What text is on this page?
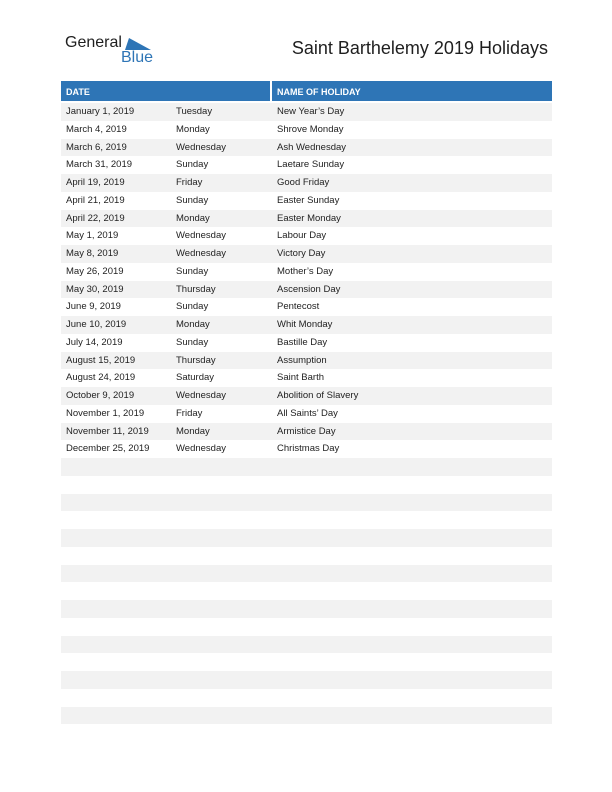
General
Blue	Saint Barthelemy 2019 Holidays
DATE	NAME OF HOLIDAY
January 1, 2019	Tuesday	New Year’s Day
March 4, 2019	Monday	Shrove Monday
March 6, 2019	Wednesday	Ash Wednesday
March 31, 2019	Sunday	Laetare Sunday
April 19, 2019	Friday	Good Friday
April 21, 2019	Sunday	Easter Sunday
April 22, 2019	Monday	Easter Monday
May 1, 2019	Wednesday	Labour Day
May 8, 2019	Wednesday	Victory Day
May 26, 2019	Sunday	Mother’s Day
May 30, 2019	Thursday	Ascension Day
June 9, 2019	Sunday	Pentecost
June 10, 2019	Monday	Whit Monday
July 14, 2019	Sunday	Bastille Day
August 15, 2019	Thursday	Assumption
August 24, 2019	Saturday	Saint Barth
October 9, 2019	Wednesday	Abolition of Slavery
November 1, 2019	Friday	All Saints’ Day
November 11, 2019	Monday	Armistice Day
December 25, 2019	Wednesday	Christmas Day
